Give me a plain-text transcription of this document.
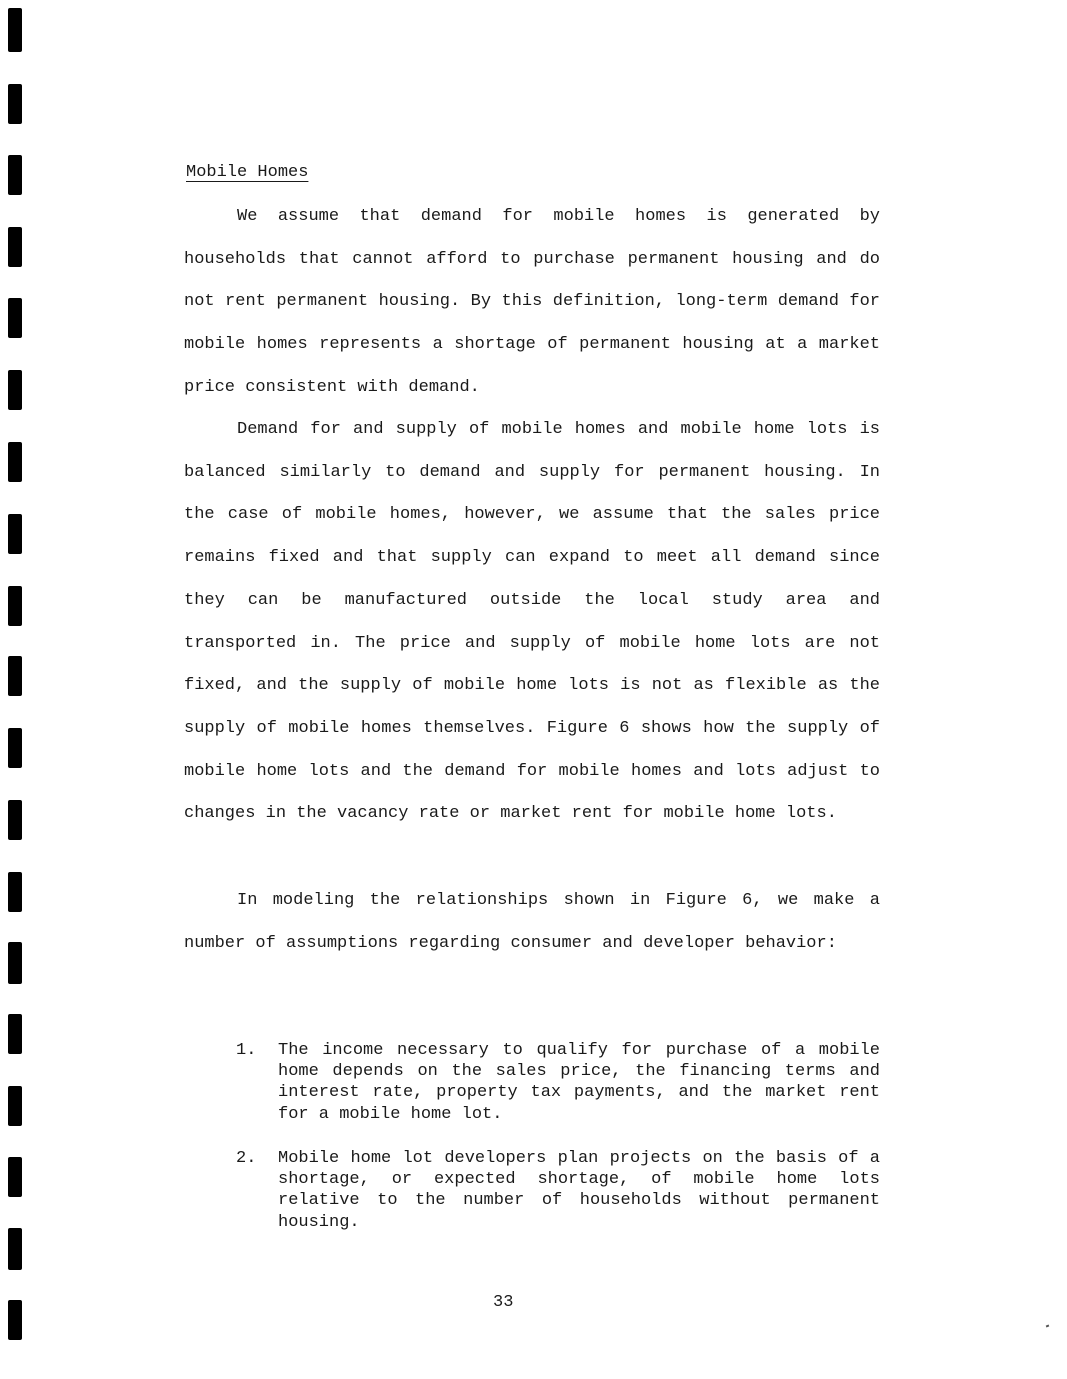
Mobile Homes

We assume that demand for mobile homes is generated by households that cannot afford to purchase permanent housing and do not rent permanent housing. By this definition, long-term demand for mobile homes represents a shortage of permanent housing at a market price consistent with demand.

Demand for and supply of mobile homes and mobile home lots is balanced similarly to demand and supply for permanent housing. In the case of mobile homes, however, we assume that the sales price remains fixed and that supply can expand to meet all demand since they can be manufactured outside the local study area and transported in. The price and supply of mobile home lots are not fixed, and the supply of mobile home lots is not as flexible as the supply of mobile homes themselves. Figure 6 shows how the supply of mobile home lots and the demand for mobile homes and lots adjust to changes in the vacancy rate or market rent for mobile home lots.

In modeling the relationships shown in Figure 6, we make a number of assumptions regarding consumer and developer behavior:

1. The income necessary to qualify for purchase of a mobile home depends on the sales price, the financing terms and interest rate, property tax payments, and the market rent for a mobile home lot.
2. Mobile home lot developers plan projects on the basis of a shortage, or expected shortage, of mobile home lots relative to the number of households without permanent housing.

33
